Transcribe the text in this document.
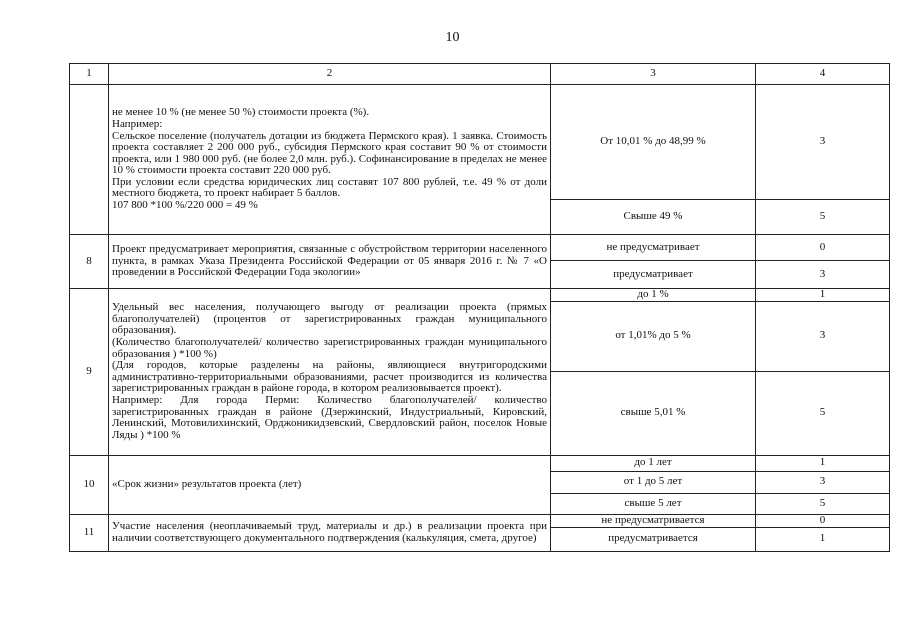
10
1	2	3	4

	не менее 10 % (не менее 50 %) стоимости проекта (%).

Например:

Сельское поселение (получатель дотации из бюджета Пермского края). 1 заявка. Стоимость проекта составляет 2 200 000 руб., субсидия Пермского края составит 90 % от стоимости проекта, или 1 980 000 руб. (не более 2,0 млн. руб.). Софинансирование в пределах не менее 10 % стоимости проекта составит 220 000 руб.

При условии если средства юридических лиц составят 107 800 рублей, т.е. 49 % от доли местного бюджета, то проект набирает 5 баллов.

107 800 *100 %/220 000 = 49 %	От 10,01 % до 48,99 %	3
		Свыше 49 %	5
8	Проект предусматривает мероприятия, связанные с обустройством территории населенного пункта, в рамках Указа Президента Российской Федерации от 05 января 2016 г. № 7 «О проведении в Российской Федерации Года экологии»	не предусматривает	0
		предусматривает	3
9	Удельный вес населения, получающего выгоду от реализации проекта (прямых благополучателей) (процентов от зарегистрированных граждан муниципального образования).

(Количество благополучателей/ количество зарегистрированных граждан муниципального образования ) *100 %)

(Для городов, которые разделены на районы, являющиеся внутригородскими административно-территориальными образованиями, расчет производится из количества зарегистрированных граждан в районе города, в котором реализовывается проект).

Например: Для города Перми: Количество благополучателей/ количество зарегистрированных граждан в районе (Дзержинский, Индустриальный, Кировский, Ленинский, Мотовилихинский, Орджоникидзевский, Свердловский район, поселок Новые Ляды ) *100 %	до 1 %	1
		от 1,01% до 5 %	3
		свыше 5,01 %	5
10	«Срок жизни» результатов проекта (лет)	до 1 лет	1
		от 1 до 5 лет	3
		свыше 5 лет	5
11	Участие населения (неоплачиваемый труд, материалы и др.) в реализации проекта при наличии соответствующего документального подтверждения (калькуляция, смета, другое)	не предусматривается	0
		предусматривается	1
